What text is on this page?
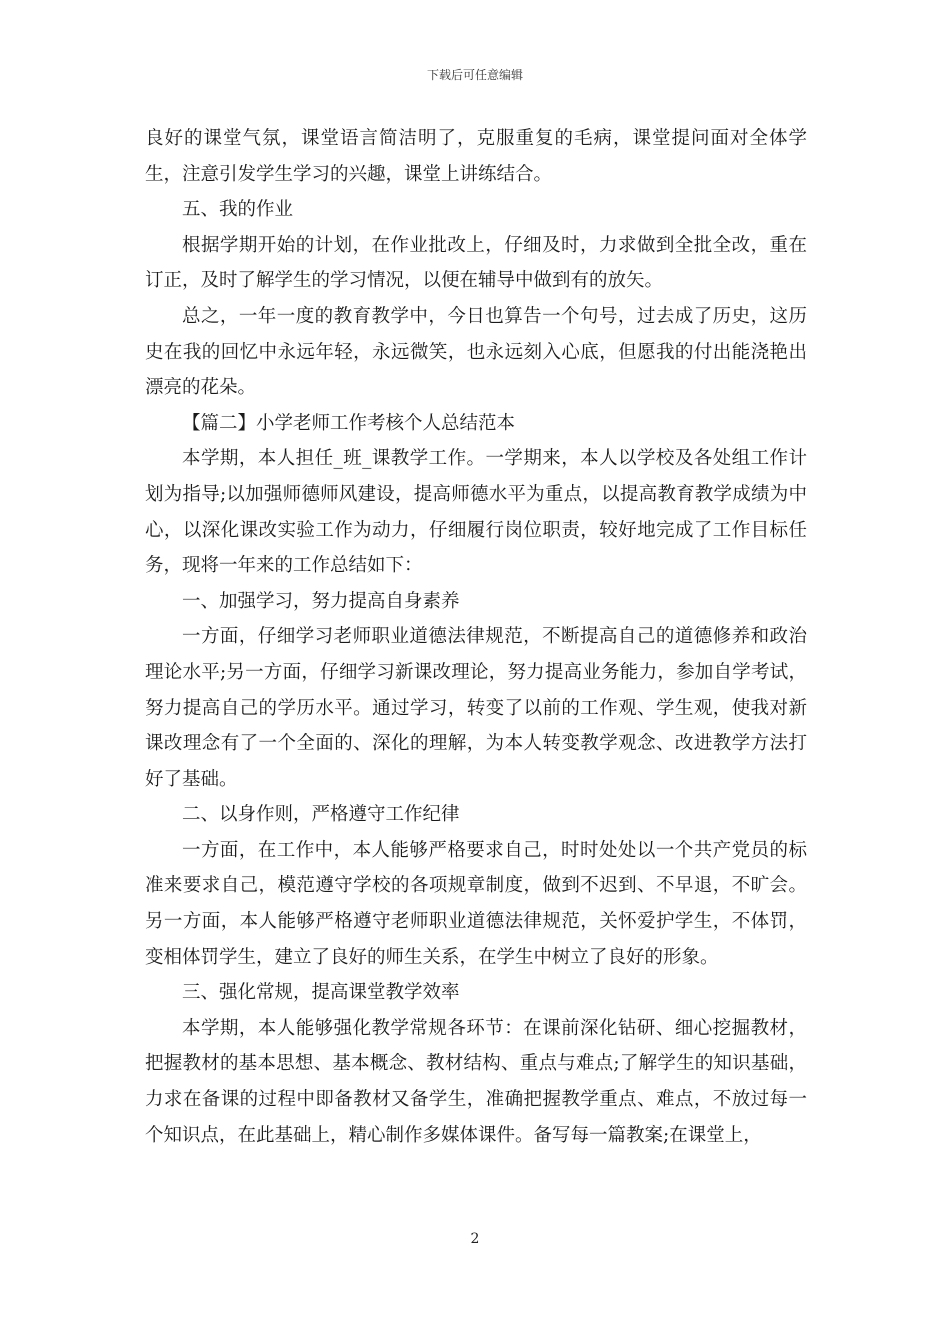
下载后可任意编辑

良好的课堂气氛，课堂语言简洁明了，克服重复的毛病，课堂提问面对全体学生，注意引发学生学习的兴趣，课堂上讲练结合。

五、我的作业

根据学期开始的计划，在作业批改上，仔细及时，力求做到全批全改，重在订正，及时了解学生的学习情况，以便在辅导中做到有的放矢。

总之，一年一度的教育教学中，今日也算告一个句号，过去成了历史，这历史在我的回忆中永远年轻，永远微笑，也永远刻入心底，但愿我的付出能浇艳出漂亮的花朵。

【篇二】小学老师工作考核个人总结范本

本学期，本人担任_班_课教学工作。一学期来，本人以学校及各处组工作计划为指导;以加强师德师风建设，提高师德水平为重点，以提高教育教学成绩为中心，以深化课改实验工作为动力，仔细履行岗位职责，较好地完成了工作目标任务，现将一年来的工作总结如下：

一、加强学习，努力提高自身素养

一方面，仔细学习老师职业道德法律规范，不断提高自己的道德修养和政治理论水平;另一方面，仔细学习新课改理论，努力提高业务能力，参加自学考试，努力提高自己的学历水平。通过学习，转变了以前的工作观、学生观，使我对新课改理念有了一个全面的、深化的理解，为本人转变教学观念、改进教学方法打好了基础。

二、以身作则，严格遵守工作纪律

一方面，在工作中，本人能够严格要求自己，时时处处以一个共产党员的标准来要求自己，模范遵守学校的各项规章制度，做到不迟到、不早退，不旷会。另一方面，本人能够严格遵守老师职业道德法律规范，关怀爱护学生，不体罚，变相体罚学生，建立了良好的师生关系，在学生中树立了良好的形象。

三、强化常规，提高课堂教学效率

本学期，本人能够强化教学常规各环节：在课前深化钻研、细心挖掘教材，把握教材的基本思想、基本概念、教材结构、重点与难点;了解学生的知识基础，力求在备课的过程中即备教材又备学生，准确把握教学重点、难点，不放过每一个知识点，在此基础上，精心制作多媒体课件。备写每一篇教案;在课堂上，

2
